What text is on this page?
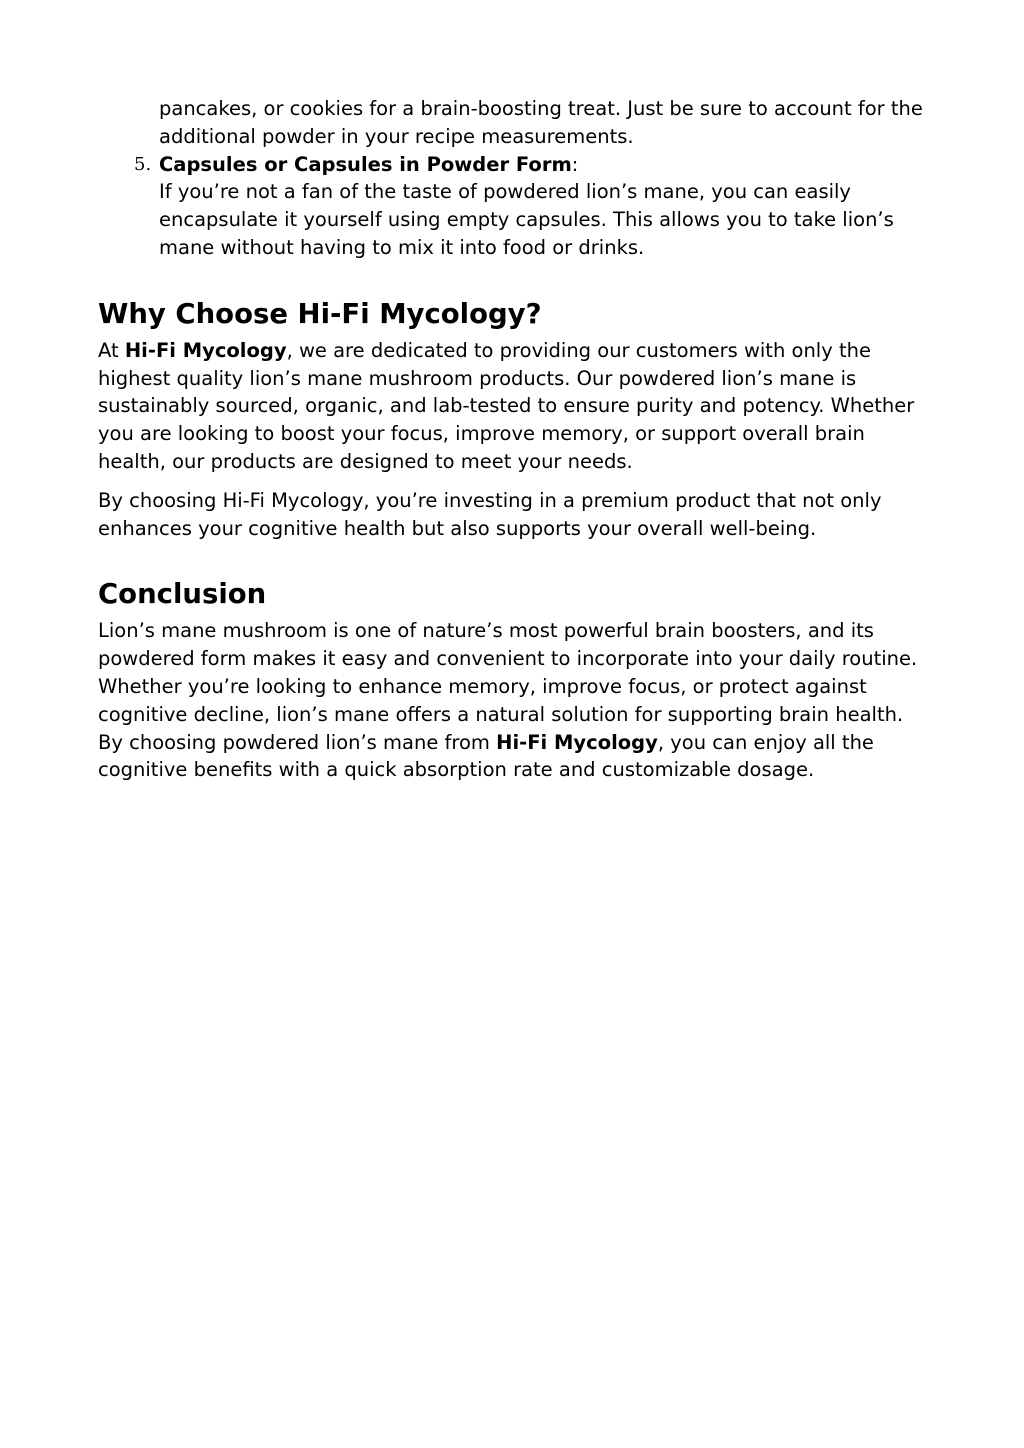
pancakes, or cookies for a brain-boosting treat. Just be sure to account for the additional powder in your recipe measurements.

5. Capsules or Capsules in Powder Form:

If you’re not a fan of the taste of powdered lion’s mane, you can easily encapsulate it yourself using empty capsules. This allows you to take lion’s mane without having to mix it into food or drinks.

Why Choose Hi-Fi Mycology?

At Hi-Fi Mycology, we are dedicated to providing our customers with only the highest quality lion’s mane mushroom products. Our powdered lion’s mane is sustainably sourced, organic, and lab-tested to ensure purity and potency. Whether you are looking to boost your focus, improve memory, or support overall brain health, our products are designed to meet your needs.

By choosing Hi-Fi Mycology, you’re investing in a premium product that not only enhances your cognitive health but also supports your overall well-being.

Conclusion

Lion’s mane mushroom is one of nature’s most powerful brain boosters, and its powdered form makes it easy and convenient to incorporate into your daily routine. Whether you’re looking to enhance memory, improve focus, or protect against cognitive decline, lion’s mane offers a natural solution for supporting brain health. By choosing powdered lion’s mane from Hi-Fi Mycology, you can enjoy all the cognitive benefits with a quick absorption rate and customizable dosage.
